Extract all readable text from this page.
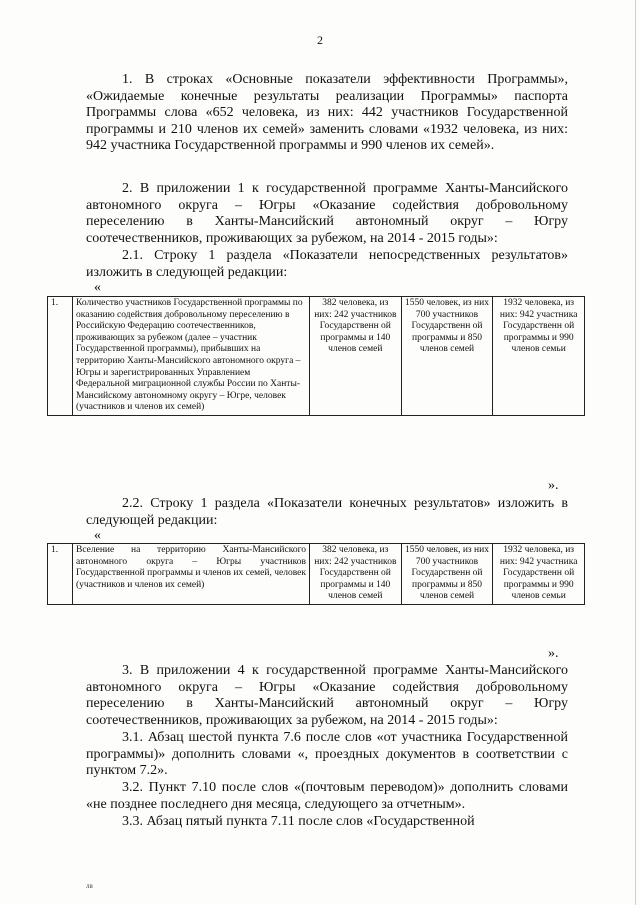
2

1. В строках «Основные показатели эффективности Программы», «Ожидаемые конечные результаты реализации Программы» паспорта Программы слова «652 человека, из них: 442 участников Государственной программы и 210 членов их семей» заменить словами «1932 человека, из них: 942 участника Государственной программы и 990 членов их семей».

2. В приложении 1 к государственной программе Ханты-Мансийского автономного округа – Югры «Оказание содействия добровольному переселению в Ханты-Мансийский автономный округ – Югру соотечественников, проживающих за рубежом, на 2014 - 2015 годы»:

2.1. Строку 1 раздела «Показатели непосредственных результатов» изложить в следующей редакции:

«
1.	Количество участников Государственной программы по оказанию содействия добровольному переселению в Российскую Федерацию соотечественников, проживающих за рубежом (далее – участник Государственной программы), прибывших на территорию Ханты-Мансийского автономного округа – Югры и зарегистрированных Управлением Федеральной миграционной службы России по Ханты-Мансийскому автономному округу – Югре, человек (участников и членов их семей)	382 человека, из них: 242 участников Государственн ой программы и 140 членов семей	1550 человек, из них 700 участников Государственн ой программы и 850 членов семей	1932 человека, из них: 942 участника Государственн ой программы и 990 членов семьи
».

2.2. Строку 1 раздела «Показатели конечных результатов» изложить в следующей редакции:

«
1.	Вселение на территорию Ханты-Мансийского автономного округа – Югры участников Государственной программы и членов их семей, человек (участников и членов их семей)	382 человека, из них: 242 участников Государственн ой программы и 140 членов семей	1550 человек, из них 700 участников Государственн ой программы и 850 членов семей	1932 человека, из них: 942 участника Государственн ой программы и 990 членов семьи
».

3. В приложении 4 к государственной программе Ханты-Мансийского автономного округа – Югры «Оказание содействия добровольному переселению в Ханты-Мансийский автономный округ – Югру соотечественников, проживающих за рубежом, на 2014 - 2015 годы»:

3.1. Абзац шестой пункта 7.6 после слов «от участника Государственной программы)» дополнить словами «, проездных документов в соответствии с пунктом 7.2».

3.2. Пункт 7.10 после слов «(почтовым переводом)» дополнить словами «не позднее последнего дня месяца, следующего за отчетным».

3.3. Абзац пятый пункта 7.11 после слов «Государственной

лв
